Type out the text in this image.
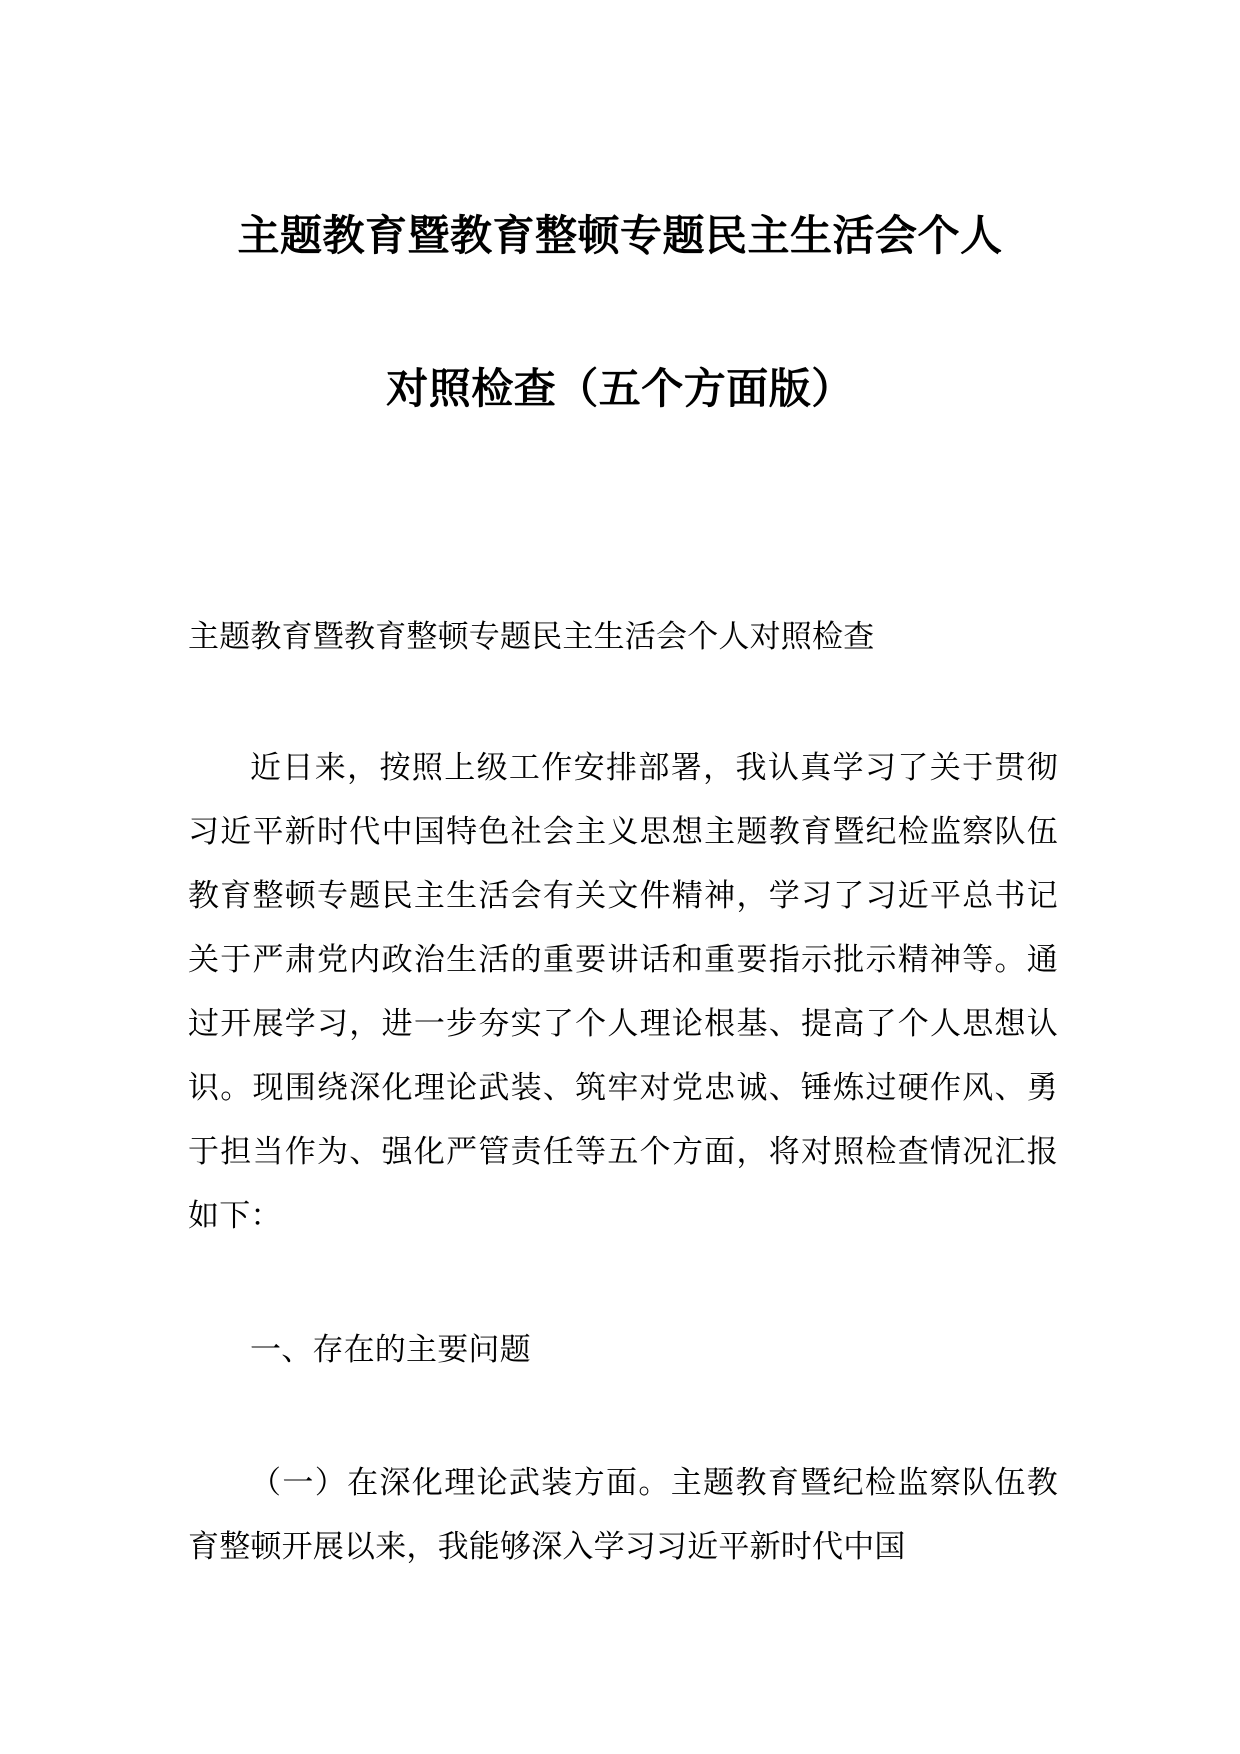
主题教育暨教育整顿专题民主生活会个人
对照检查（五个方面版）
主题教育暨教育整顿专题民主生活会个人对照检查
近日来，按照上级工作安排部署，我认真学习了关于贯彻习近平新时代中国特色社会主义思想主题教育暨纪检监察队伍教育整顿专题民主生活会有关文件精神，学习了习近平总书记关于严肃党内政治生活的重要讲话和重要指示批示精神等。通过开展学习，进一步夯实了个人理论根基、提高了个人思想认识。现围绕深化理论武装、筑牢对党忠诚、锤炼过硬作风、勇于担当作为、强化严管责任等五个方面，将对照检查情况汇报如下：
一、存在的主要问题
（一）在深化理论武装方面。主题教育暨纪检监察队伍教育整顿开展以来，我能够深入学习习近平新时代中国
